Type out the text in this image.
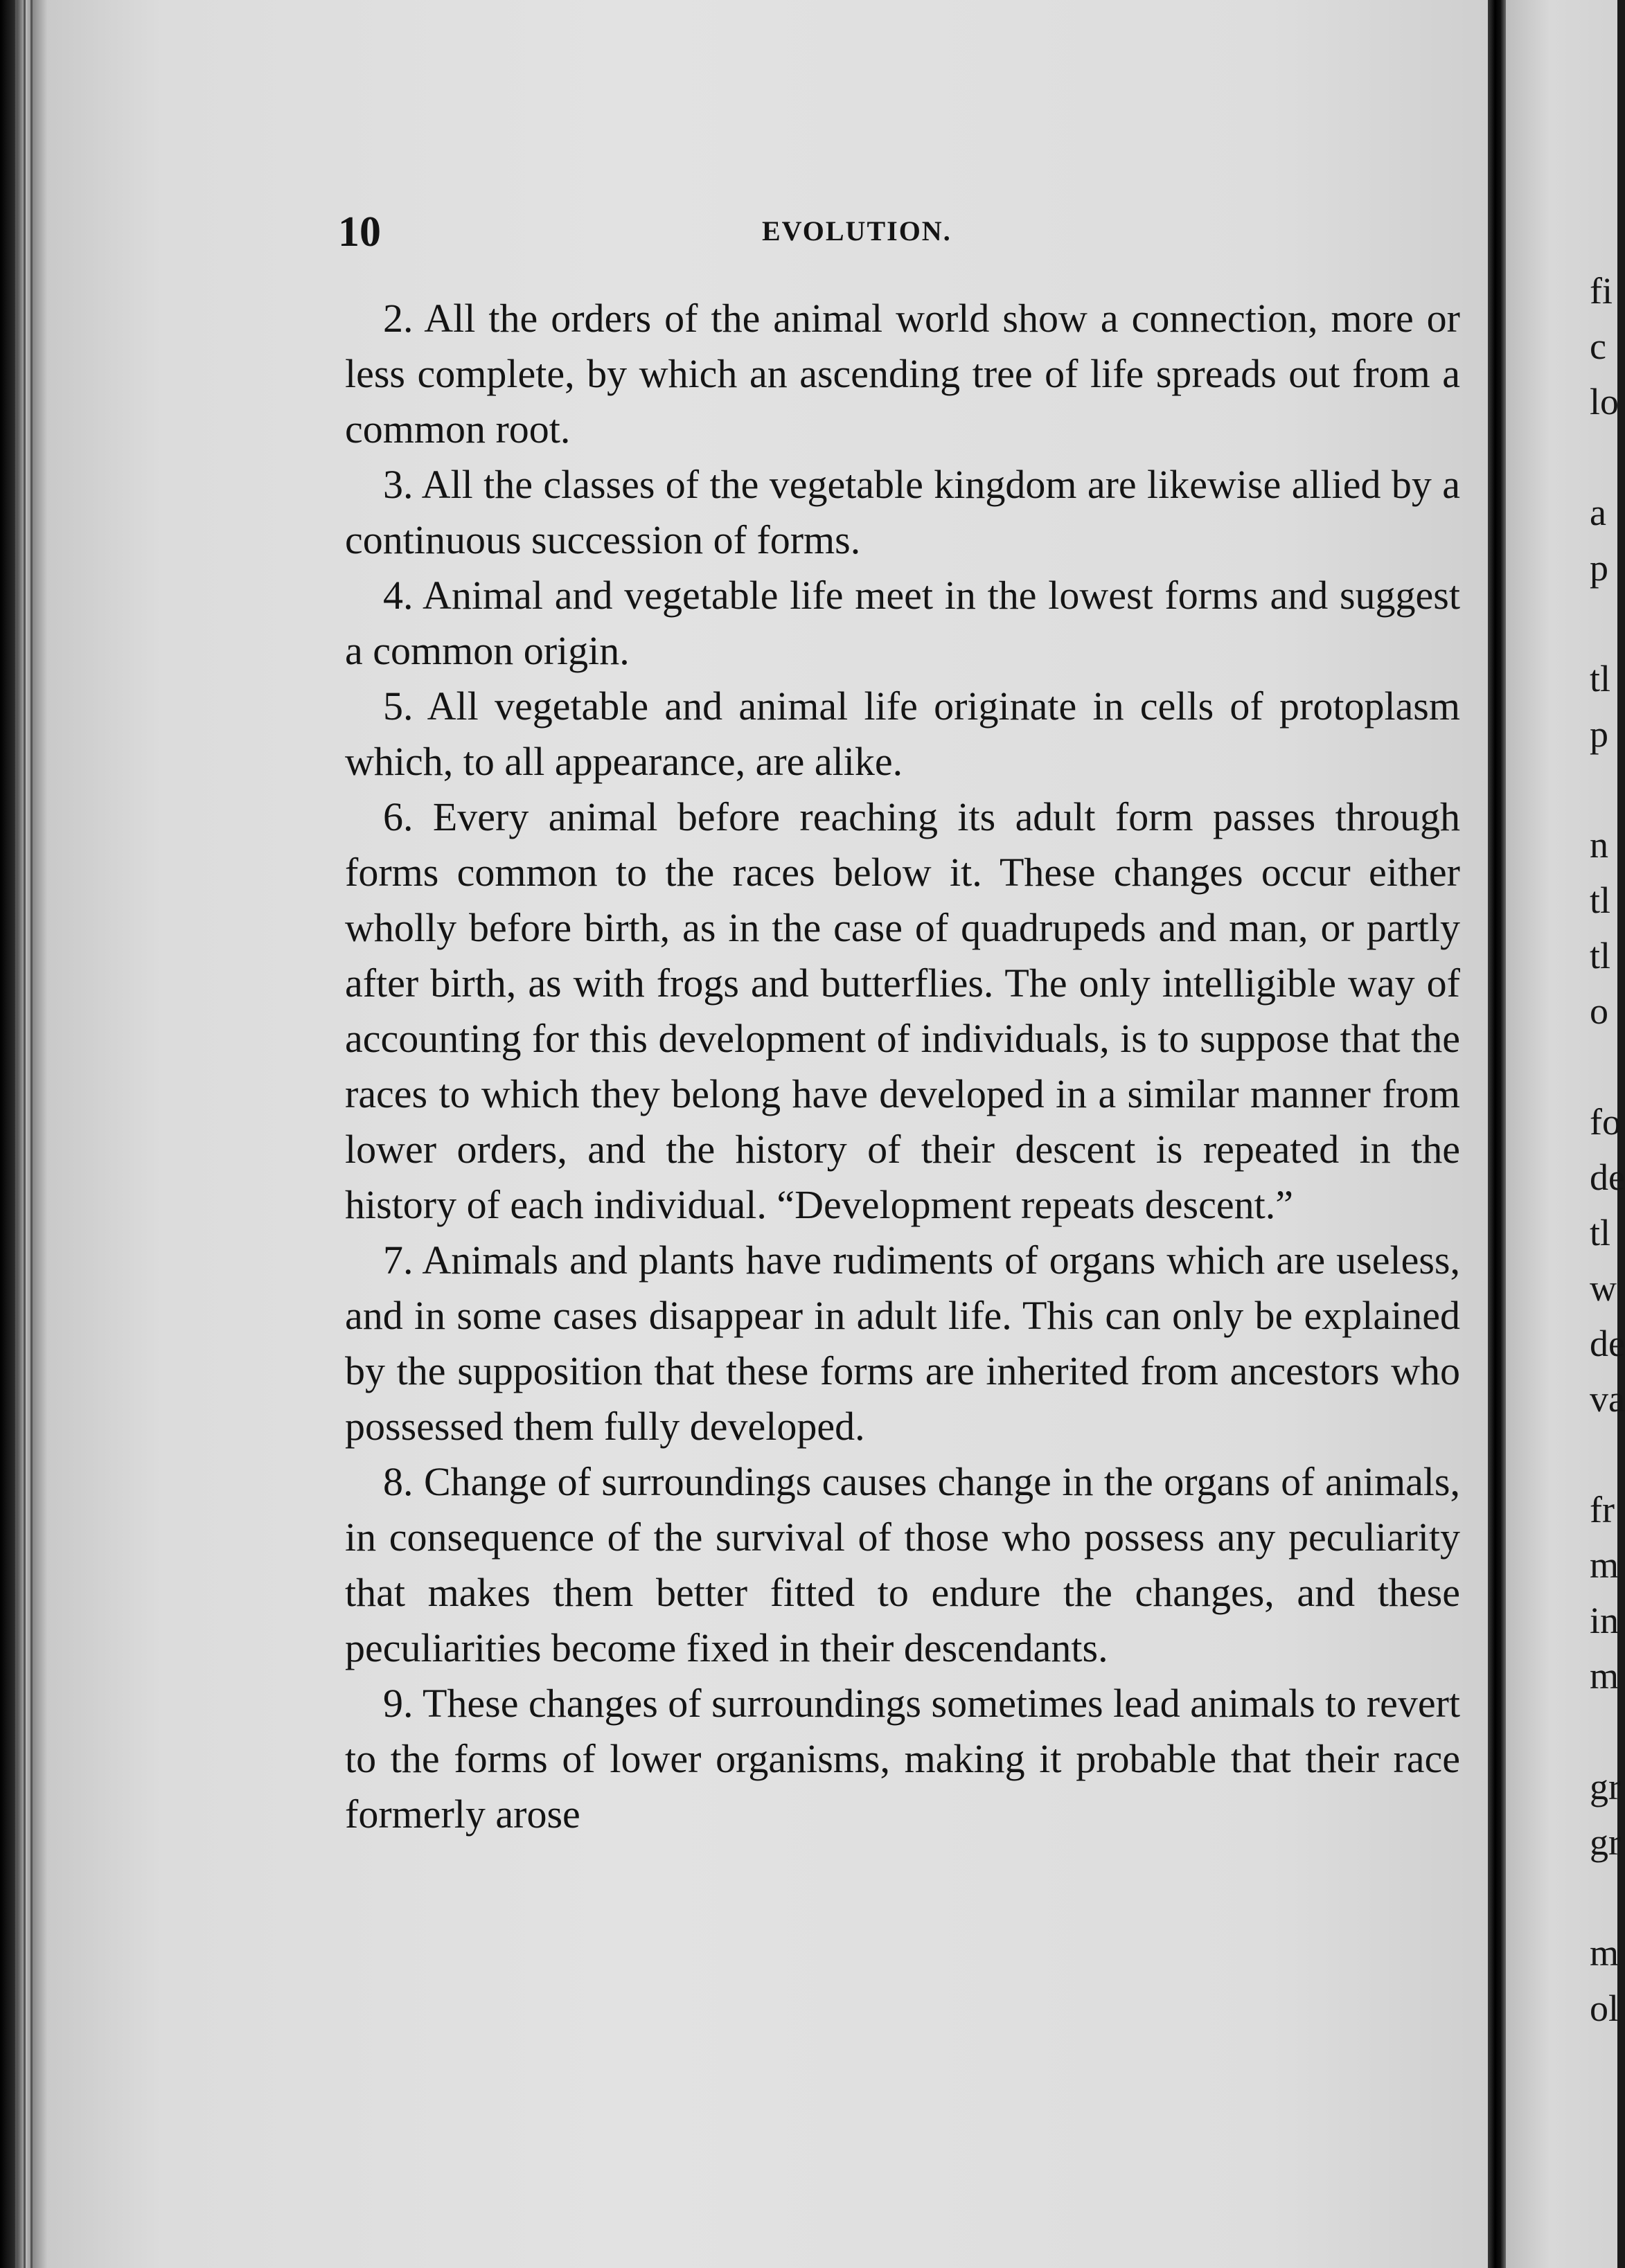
10	EVOLUTION.

2. All the orders of the animal world show a connection, more or less complete, by which an ascending tree of life spreads out from a common root.

3. All the classes of the vegetable kingdom are likewise allied by a continuous succession of forms.

4. Animal and vegetable life meet in the lowest forms and suggest a common origin.

5. All vegetable and animal life originate in cells of protoplasm which, to all appearance, are alike.

6. Every animal before reaching its adult form passes through forms common to the races below it. These changes occur either wholly before birth, as in the case of quadrupeds and man, or partly after birth, as with frogs and butterflies. The only intelligible way of accounting for this development of individuals, is to suppose that the races to which they belong have developed in a similar manner from lower orders, and the history of their descent is repeated in the history of each individual. “Development repeats descent.”

7. Animals and plants have rudiments of organs which are useless, and in some cases disappear in adult life. This can only be explained by the supposition that these forms are inherited from ancestors who possessed them fully developed.

8. Change of surroundings causes change in the organs of animals, in consequence of the survival of those who possess any peculiarity that makes them better fitted to endure the changes, and these peculiarities become fixed in their descendants.

9. These changes of surroundings sometimes lead animals to revert to the forms of lower organisms, making it probable that their race formerly arose

fi
c
lo
a
p
tl
p
n
tl
tl
o
fo
de
tl
w
de
va
fr
m
in
m
gr
gr
m
ol
